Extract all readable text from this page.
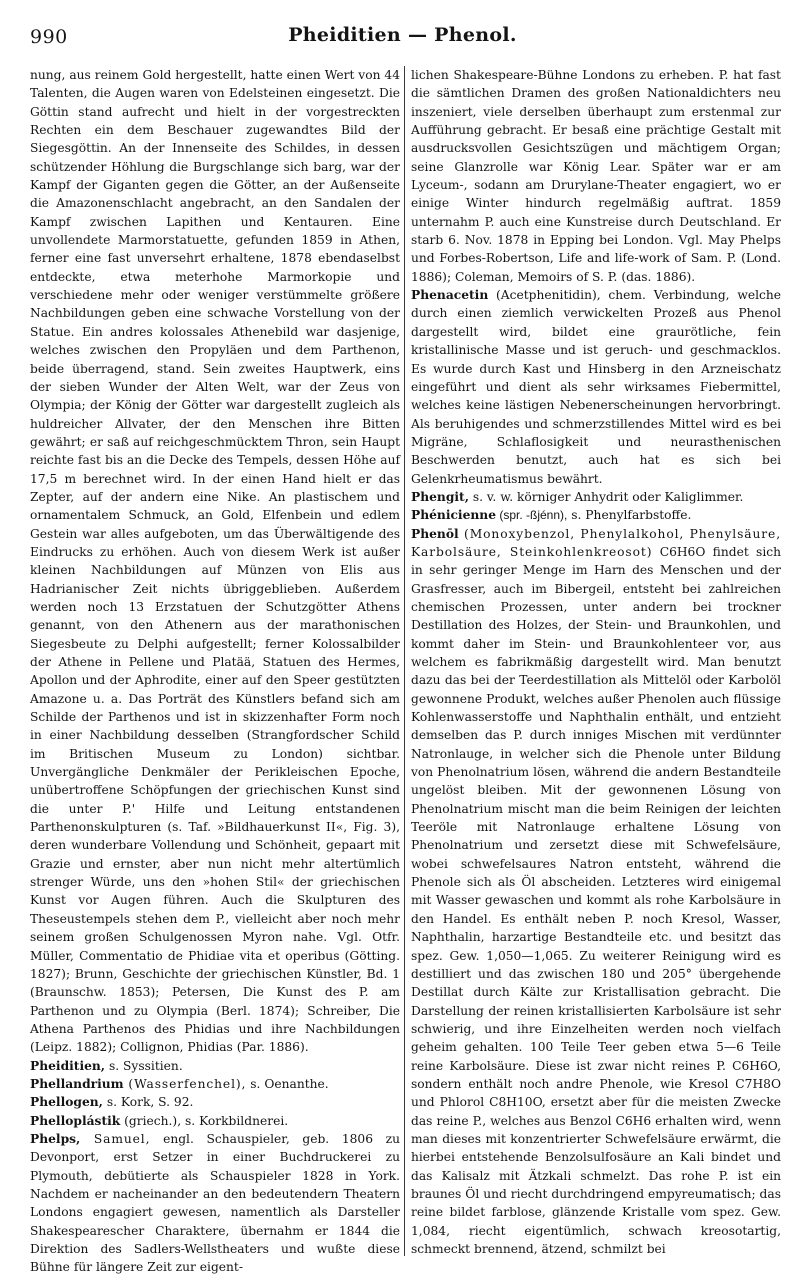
990	Pheiditien — Phenol.

nung, aus reinem Gold hergestellt, hatte einen Wert von 44 Talenten, die Augen waren von Edelsteinen eingesetzt. Die Göttin stand aufrecht und hielt in der vorgestreckten Rechten ein dem Beschauer zugewandtes Bild der Siegesgöttin. An der Innenseite des Schildes, in dessen schützender Höhlung die Burgschlange sich barg, war der Kampf der Giganten gegen die Götter, an der Außenseite die Amazonenschlacht angebracht, an den Sandalen der Kampf zwischen Lapithen und Kentauren. Eine unvollendete Marmorstatuette, gefunden 1859 in Athen, ferner eine fast unversehrt erhaltene, 1878 ebendaselbst entdeckte, etwa meterhohe Marmorkopie und verschiedene mehr oder weniger verstümmelte größere Nachbildungen geben eine schwache Vorstellung von der Statue. Ein andres kolossales Athenebild war dasjenige, welches zwischen den Propyläen und dem Parthenon, beide überragend, stand. Sein zweites Hauptwerk, eins der sieben Wunder der Alten Welt, war der Zeus von Olympia; der König der Götter war dargestellt zugleich als huldreicher Allvater, der den Menschen ihre Bitten gewährt; er saß auf reichgeschmücktem Thron, sein Haupt reichte fast bis an die Decke des Tempels, dessen Höhe auf 17,5 m berechnet wird. In der einen Hand hielt er das Zepter, auf der andern eine Nike. An plastischem und ornamentalem Schmuck, an Gold, Elfenbein und edlem Gestein war alles aufgeboten, um das Überwältigende des Eindrucks zu erhöhen. Auch von diesem Werk ist außer kleinen Nachbildungen auf Münzen von Elis aus Hadrianischer Zeit nichts übriggeblieben. Außerdem werden noch 13 Erzstatuen der Schutzgötter Athens genannt, von den Athenern aus der marathonischen Siegesbeute zu Delphi aufgestellt; ferner Kolossalbilder der Athene in Pellene und Platää, Statuen des Hermes, Apollon und der Aphrodite, einer auf den Speer gestützten Amazone u. a. Das Porträt des Künstlers befand sich am Schilde der Parthenos und ist in skizzenhafter Form noch in einer Nachbildung desselben (Strangfordscher Schild im Britischen Museum zu London) sichtbar. Unvergängliche Denkmäler der Perikleischen Epoche, unübertroffene Schöpfungen der griechischen Kunst sind die unter P.' Hilfe und Leitung entstandenen Parthenonskulpturen (s. Taf. »Bildhauerkunst II«, Fig. 3), deren wunderbare Vollendung und Schönheit, gepaart mit Grazie und ernster, aber nun nicht mehr altertümlich strenger Würde, uns den »hohen Stil« der griechischen Kunst vor Augen führen. Auch die Skulpturen des Theseustempels stehen dem P., vielleicht aber noch mehr seinem großen Schulgenossen Myron nahe. Vgl. Otfr. Müller, Commentatio de Phidiae vita et operibus (Götting. 1827); Brunn, Geschichte der griechischen Künstler, Bd. 1 (Braunschw. 1853); Petersen, Die Kunst des P. am Parthenon und zu Olympia (Berl. 1874); Schreiber, Die Athena Parthenos des Phidias und ihre Nachbildungen (Leipz. 1882); Collignon, Phidias (Par. 1886).

Pheiditien, s. Syssitien.

Phellandrium (Wasserfenchel), s. Oenanthe.

Phellogen, s. Kork, S. 92.

Phelloplástik (griech.), s. Korkbildnerei.

Phelps, Samuel, engl. Schauspieler, geb. 1806 zu Devonport, erst Setzer in einer Buchdruckerei zu Plymouth, debütierte als Schauspieler 1828 in York. Nachdem er nacheinander an den bedeutendern Theatern Londons engagiert gewesen, namentlich als Darsteller Shakespearescher Charaktere, übernahm er 1844 die Direktion des Sadlers-Wellstheaters und wußte diese Bühne für längere Zeit zur eigent-

lichen Shakespeare-Bühne Londons zu erheben. P. hat fast die sämtlichen Dramen des großen Nationaldichters neu inszeniert, viele derselben überhaupt zum erstenmal zur Aufführung gebracht. Er besaß eine prächtige Gestalt mit ausdrucksvollen Gesichtszügen und mächtigem Organ; seine Glanzrolle war König Lear. Später war er am Lyceum-, sodann am Drurylane-Theater engagiert, wo er einige Winter hindurch regelmäßig auftrat. 1859 unternahm P. auch eine Kunstreise durch Deutschland. Er starb 6. Nov. 1878 in Epping bei London. Vgl. May Phelps und Forbes-Robertson, Life and life-work of Sam. P. (Lond. 1886); Coleman, Memoirs of S. P. (das. 1886).

Phenacetin (Acetphenitidin), chem. Verbindung, welche durch einen ziemlich verwickelten Prozeß aus Phenol dargestellt wird, bildet eine graurötliche, fein kristallinische Masse und ist geruch- und geschmacklos. Es wurde durch Kast und Hinsberg in den Arzneischatz eingeführt und dient als sehr wirksames Fiebermittel, welches keine lästigen Nebenerscheinungen hervorbringt. Als beruhigendes und schmerzstillendes Mittel wird es bei Migräne, Schlaflosigkeit und neurasthenischen Beschwerden benutzt, auch hat es sich bei Gelenkrheumatismus bewährt.

Phengit, s. v. w. körniger Anhydrit oder Kaliglimmer.

Phénicienne (spr. -ßjénn), s. Phenylfarbstoffe.

Phenōl (Monoxybenzol, Phenylalkohol, Phenylsäure, Karbolsäure, Steinkohlenkreosot) C6H6O findet sich in sehr geringer Menge im Harn des Menschen und der Grasfresser, auch im Bibergeil, entsteht bei zahlreichen chemischen Prozessen, unter andern bei trockner Destillation des Holzes, der Stein- und Braunkohlen, und kommt daher im Stein- und Braunkohlenteer vor, aus welchem es fabrikmäßig dargestellt wird. Man benutzt dazu das bei der Teerdestillation als Mittelöl oder Karbolöl gewonnene Produkt, welches außer Phenolen auch flüssige Kohlenwasserstoffe und Naphthalin enthält, und entzieht demselben das P. durch inniges Mischen mit verdünnter Natronlauge, in welcher sich die Phenole unter Bildung von Phenolnatrium lösen, während die andern Bestandteile ungelöst bleiben. Mit der gewonnenen Lösung von Phenolnatrium mischt man die beim Reinigen der leichten Teeröle mit Natronlauge erhaltene Lösung von Phenolnatrium und zersetzt diese mit Schwefelsäure, wobei schwefelsaures Natron entsteht, während die Phenole sich als Öl abscheiden. Letzteres wird einigemal mit Wasser gewaschen und kommt als rohe Karbolsäure in den Handel. Es enthält neben P. noch Kresol, Wasser, Naphthalin, harzartige Bestandteile etc. und besitzt das spez. Gew. 1,050—1,065. Zu weiterer Reinigung wird es destilliert und das zwischen 180 und 205° übergehende Destillat durch Kälte zur Kristallisation gebracht. Die Darstellung der reinen kristallisierten Karbolsäure ist sehr schwierig, und ihre Einzelheiten werden noch vielfach geheim gehalten. 100 Teile Teer geben etwa 5—6 Teile reine Karbolsäure. Diese ist zwar nicht reines P. C6H6O, sondern enthält noch andre Phenole, wie Kresol C7H8O und Phlorol C8H10O, ersetzt aber für die meisten Zwecke das reine P., welches aus Benzol C6H6 erhalten wird, wenn man dieses mit konzentrierter Schwefelsäure erwärmt, die hierbei entstehende Benzolsulfosäure an Kali bindet und das Kalisalz mit Ätzkali schmelzt. Das rohe P. ist ein braunes Öl und riecht durchdringend empyreumatisch; das reine bildet farblose, glänzende Kristalle vom spez. Gew. 1,084, riecht eigentümlich, schwach kreosotartig, schmeckt brennend, ätzend, schmilzt bei
